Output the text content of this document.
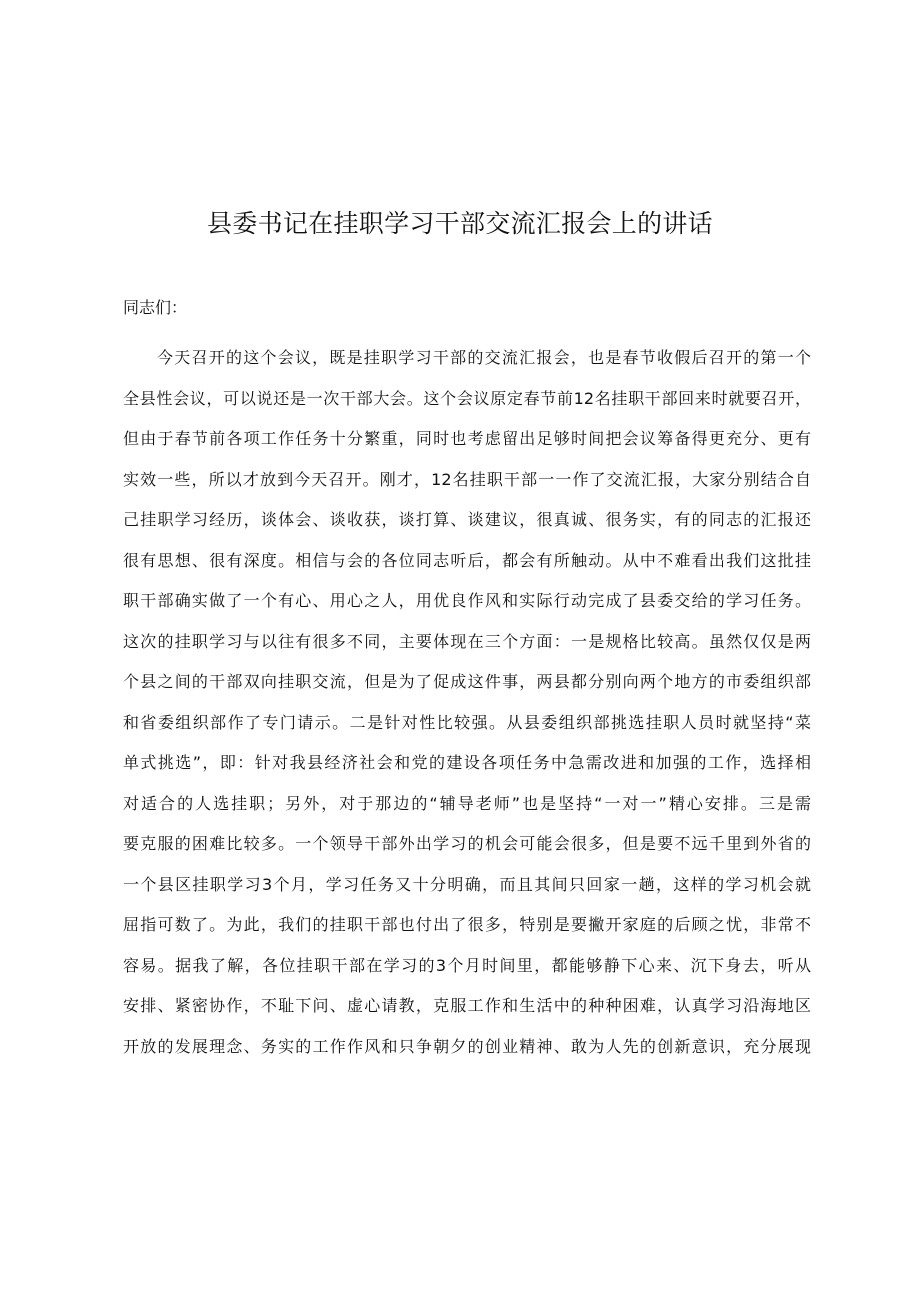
县委书记在挂职学习干部交流汇报会上的讲话
同志们：
今天召开的这个会议，既是挂职学习干部的交流汇报会，也是春节收假后召开的第一个
全县性会议，可以说还是一次干部大会。这个会议原定春节前12名挂职干部回来时就要召开，
但由于春节前各项工作任务十分繁重，同时也考虑留出足够时间把会议筹备得更充分、更有
实效一些，所以才放到今天召开。刚才，12名挂职干部一一作了交流汇报，大家分别结合自
己挂职学习经历，谈体会、谈收获，谈打算、谈建议，很真诚、很务实，有的同志的汇报还
很有思想、很有深度。相信与会的各位同志听后，都会有所触动。从中不难看出我们这批挂
职干部确实做了一个有心、用心之人，用优良作风和实际行动完成了县委交给的学习任务。
这次的挂职学习与以往有很多不同，主要体现在三个方面：一是规格比较高。虽然仅仅是两
个县之间的干部双向挂职交流，但是为了促成这件事，两县都分别向两个地方的市委组织部
和省委组织部作了专门请示。二是针对性比较强。从县委组织部挑选挂职人员时就坚持“菜
单式挑选”，即：针对我县经济社会和党的建设各项任务中急需改进和加强的工作，选择相
对适合的人选挂职；另外，对于那边的“辅导老师”也是坚持“一对一”精心安排。三是需
要克服的困难比较多。一个领导干部外出学习的机会可能会很多，但是要不远千里到外省的
一个县区挂职学习3个月，学习任务又十分明确，而且其间只回家一趟，这样的学习机会就
屈指可数了。为此，我们的挂职干部也付出了很多，特别是要撇开家庭的后顾之忧，非常不
容易。据我了解，各位挂职干部在学习的3个月时间里，都能够静下心来、沉下身去，听从
安排、紧密协作，不耻下问、虚心请教，克服工作和生活中的种种困难，认真学习沿海地区
开放的发展理念、务实的工作作风和只争朝夕的创业精神、敢为人先的创新意识，充分展现
